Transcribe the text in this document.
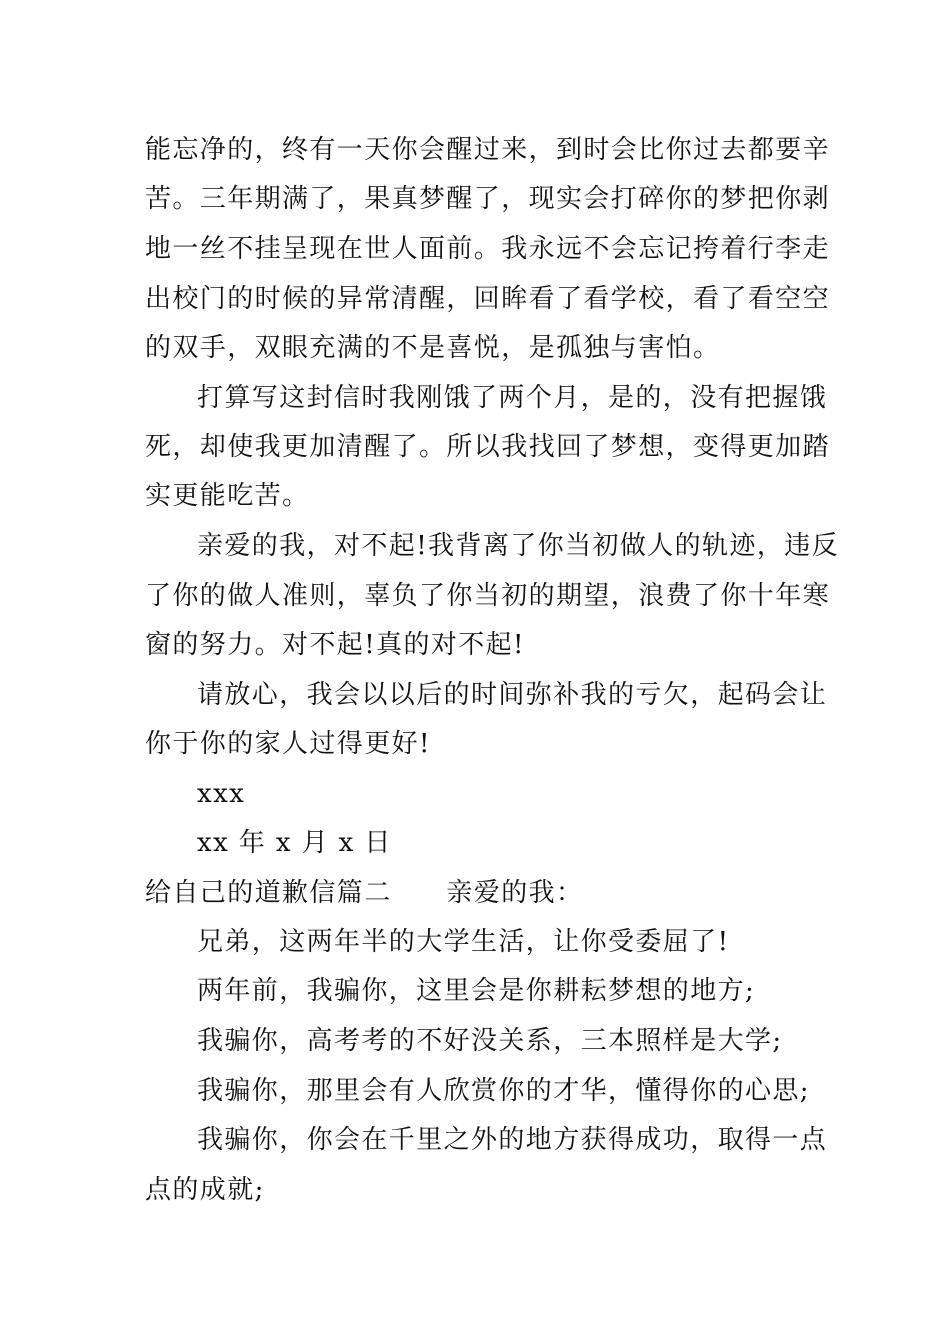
能忘净的，终有一天你会醒过来，到时会比你过去都要辛
苦。三年期满了，果真梦醒了，现实会打碎你的梦把你剥
地一丝不挂呈现在世人面前。我永远不会忘记挎着行李走
出校门的时候的异常清醒，回眸看了看学校，看了看空空
的双手，双眼充满的不是喜悦，是孤独与害怕。
打算写这封信时我刚饿了两个月，是的，没有把握饿
死，却使我更加清醒了。所以我找回了梦想，变得更加踏
实更能吃苦。
亲爱的我，对不起!我背离了你当初做人的轨迹，违反
了你的做人准则，辜负了你当初的期望，浪费了你十年寒
窗的努力。对不起!真的对不起!
请放心，我会以以后的时间弥补我的亏欠，起码会让
你于你的家人过得更好!
xxx
xx 年 x 月 x 日
给自己的道歉信篇二　　亲爱的我：
兄弟，这两年半的大学生活，让你受委屈了!
两年前，我骗你，这里会是你耕耘梦想的地方;
我骗你，高考考的不好没关系，三本照样是大学;
我骗你，那里会有人欣赏你的才华，懂得你的心思;
我骗你，你会在千里之外的地方获得成功，取得一点
点的成就;
